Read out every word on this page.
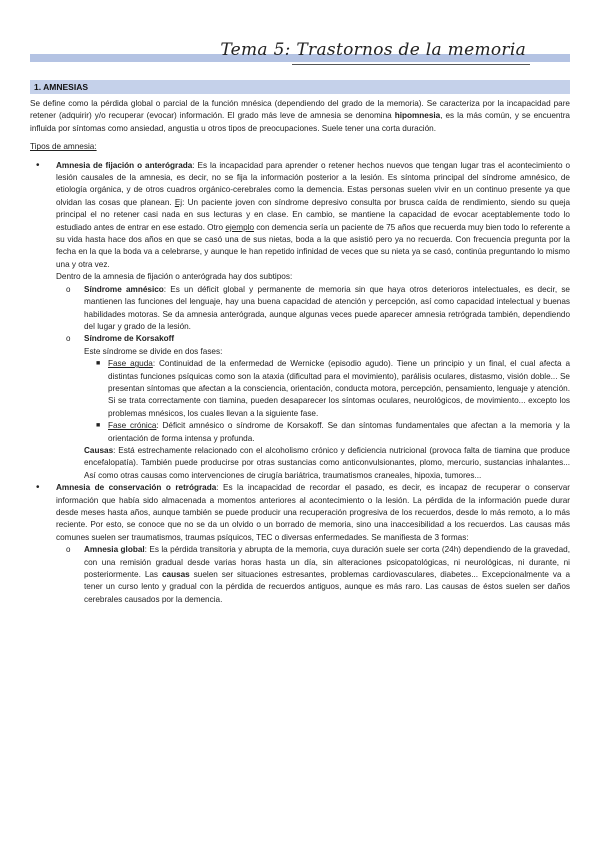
Tema 5: Trastornos de la memoria
1. AMNESIAS

Se define como la pérdida global o parcial de la función mnésica (dependiendo del grado de la memoria). Se caracteriza por la incapacidad pare retener (adquirir) y/o recuperar (evocar) información. El grado más leve de amnesia se denomina hipomnesia, es la más común, y se encuentra influida por síntomas como ansiedad, angustia u otros tipos de preocupaciones. Suele tener una corta duración.

Tipos de amnesia:

• Amnesia de fijación o anterógrada: Es la incapacidad para aprender o retener hechos nuevos que tengan lugar tras el acontecimiento o lesión causales de la amnesia, es decir, no se fija la información posterior a la lesión. Es síntoma principal del síndrome amnésico, de etiología orgánica, y de otros cuadros orgánico-cerebrales como la demencia. Estas personas suelen vivir en un continuo presente ya que olvidan las cosas que planean. Ej: Un paciente joven con síndrome depresivo consulta por brusca caída de rendimiento, siendo su queja principal el no retener casi nada en sus lecturas y en clase. En cambio, se mantiene la capacidad de evocar aceptablemente todo lo estudiado antes de entrar en ese estado. Otro ejemplo con demencia sería un paciente de 75 años que recuerda muy bien todo lo referente a su vida hasta hace dos años en que se casó una de sus nietas, boda a la que asistió pero ya no recuerda. Con frecuencia pregunta por la fecha en la que la boda va a celebrarse, y aunque le han repetido infinidad de veces que su nieta ya se casó, continúa preguntando lo mismo una y otra vez.
Dentro de la amnesia de fijación o anterógrada hay dos subtipos:
o Síndrome amnésico: Es un déficit global y permanente de memoria sin que haya otros deterioros intelectuales, es decir, se mantienen las funciones del lenguaje, hay una buena capacidad de atención y percepción, así como capacidad intelectual y buenas habilidades motoras. Se da amnesia anterógrada, aunque algunas veces puede aparecer amnesia retrógrada también, dependiendo del lugar y grado de la lesión.
o Síndrome de Korsakoff
Este síndrome se divide en dos fases:
■ Fase aguda: Continuidad de la enfermedad de Wernicke (episodio agudo). Tiene un principio y un final, el cual afecta a distintas funciones psíquicas como son la ataxia (dificultad para el movimiento), parálisis oculares, distasmo, visión doble... Se presentan síntomas que afectan a la consciencia, orientación, conducta motora, percepción, pensamiento, lenguaje y atención. Si se trata correctamente con tiamina, pueden desaparecer los síntomas oculares, neurológicos, de movimiento... excepto los problemas mnésicos, los cuales llevan a la siguiente fase.
■ Fase crónica: Déficit amnésico o síndrome de Korsakoff. Se dan síntomas fundamentales que afectan a la memoria y la orientación de forma intensa y profunda.
Causas: Está estrechamente relacionado con el alcoholismo crónico y deficiencia nutricional (provoca falta de tiamina que produce encefalopatía). También puede producirse por otras sustancias como anticonvulsionantes, plomo, mercurio, sustancias inhalantes... Así como otras causas como intervenciones de cirugía bariátrica, traumatismos craneales, hipoxia, tumores...
• Amnesia de conservación o retrógrada: Es la incapacidad de recordar el pasado, es decir, es incapaz de recuperar o conservar información que había sido almacenada a momentos anteriores al acontecimiento o la lesión. La pérdida de la información puede durar desde meses hasta años, aunque también se puede producir una recuperación progresiva de los recuerdos, desde lo más remoto, a lo más reciente. Por esto, se conoce que no se da un olvido o un borrado de memoria, sino una inaccesibilidad a los recuerdos. Las causas más comunes suelen ser traumatismos, traumas psíquicos, TEC o diversas enfermedades. Se manifiesta de 3 formas:
o Amnesia global: Es la pérdida transitoria y abrupta de la memoria, cuya duración suele ser corta (24h) dependiendo de la gravedad, con una remisión gradual desde varias horas hasta un día, sin alteraciones psicopatológicas, ni neurológicas, ni durante, ni posteriormente. Las causas suelen ser situaciones estresantes, problemas cardiovasculares, diabetes... Excepcionalmente va a tener un curso lento y gradual con la pérdida de recuerdos antiguos, aunque es más raro. Las causas de éstos suelen ser daños cerebrales causados por la demencia.
